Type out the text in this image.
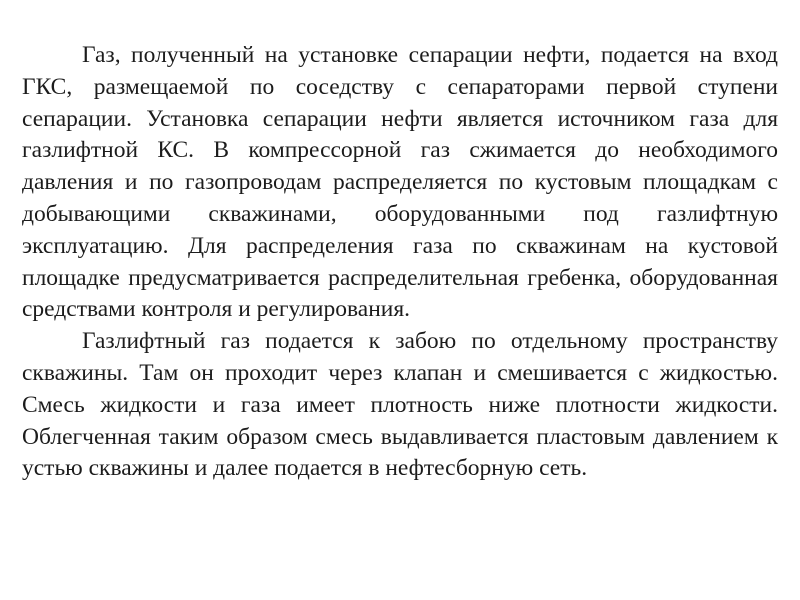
Газ, полученный на установке сепарации нефти, подается на вход ГКС, размещаемой по соседству с сепараторами первой ступени сепарации. Установка сепарации нефти является источником газа для газлифтной КС. В компрессорной газ сжимается до необходимого давления и по газопроводам распределяется по кустовым площадкам с добывающими скважинами, оборудованными под газлифтную эксплуатацию. Для распределения газа по скважинам на кустовой площадке предусматривается распределительная гребенка, оборудованная средствами контроля и регулирования.

Газлифтный газ подается к забою по отдельному пространству скважины. Там он проходит через клапан и смешивается с жидкостью. Смесь жидкости и газа имеет плотность ниже плотности жидкости. Облегченная таким образом смесь выдавливается пластовым давлением к устью скважины и далее подается в нефтесборную сеть.
